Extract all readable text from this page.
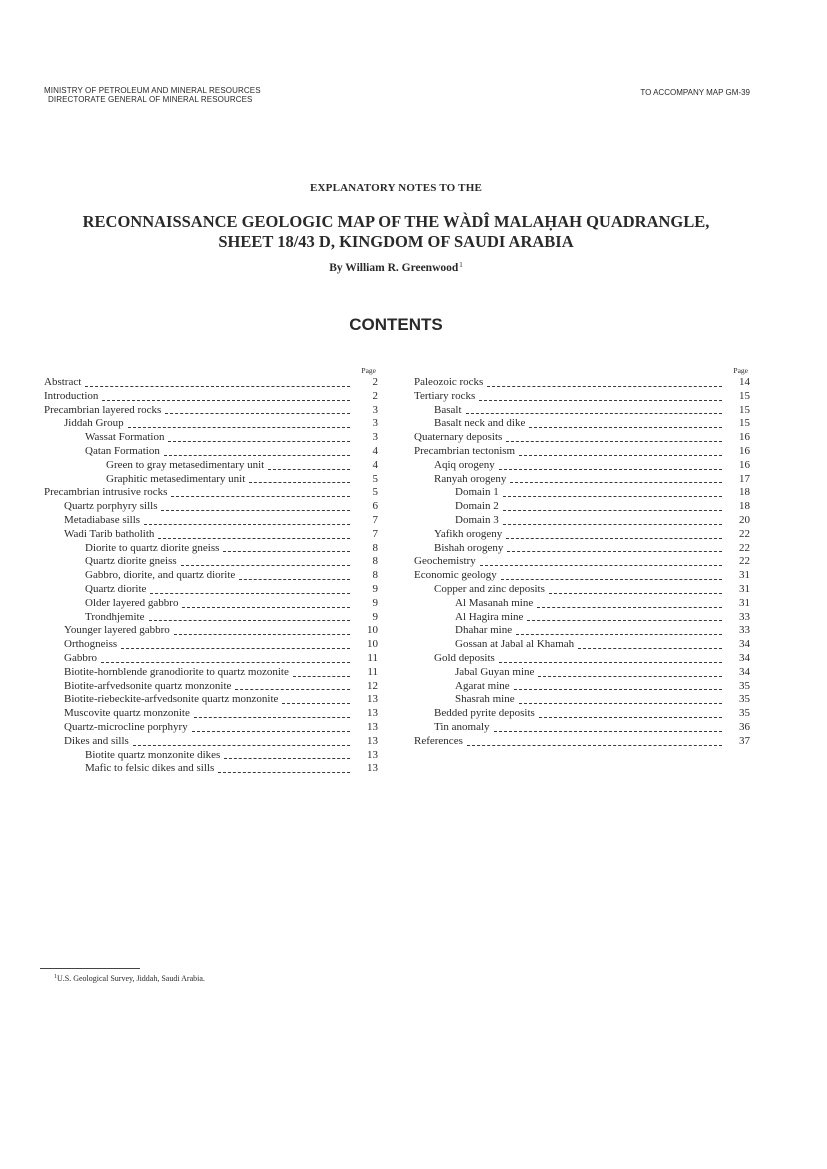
MINISTRY OF PETROLEUM AND MINERAL RESOURCES
DIRECTORATE GENERAL OF MINERAL RESOURCES
TO ACCOMPANY MAP GM-39
EXPLANATORY NOTES TO THE
RECONNAISSANCE GEOLOGIC MAP OF THE WÀDÎ MALAḤAH QUADRANGLE,
SHEET 18/43 D, KINGDOM OF SAUDI ARABIA
By William R. Greenwood$^1$
CONTENTS
Page
Abstract	2
Introduction	2
Precambrian layered rocks	3
Jiddah Group	3
Wassat Formation	3
Qatan Formation	4
Green to gray metasedimentary unit	4
Graphitic metasedimentary unit	5
Precambrian intrusive rocks	5
Quartz porphyry sills	6
Metadiabase sills	7
Wadi Tarib batholith	7
Diorite to quartz diorite gneiss	8
Quartz diorite gneiss	8
Gabbro, diorite, and quartz diorite	8
Quartz diorite	9
Older layered gabbro	9
Trondhjemite	9
Younger layered gabbro	10
Orthogneiss	10
Gabbro	11
Biotite-hornblende granodiorite to quartz mozonite	11
Biotite-arfvedsonite quartz monzonite	12
Biotite-riebeckite-arfvedsonite quartz monzonite	13
Muscovite quartz monzonite	13
Quartz-microcline porphyry	13
Dikes and sills	13
Biotite quartz monzonite dikes	13
Mafic to felsic dikes and sills	13
Page
Paleozoic rocks	14
Tertiary rocks	15
Basalt	15
Basalt neck and dike	15
Quaternary deposits	16
Precambrian tectonism	16
Aqiq orogeny	16
Ranyah orogeny	17
Domain 1	18
Domain 2	18
Domain 3	20
Yafikh orogeny	22
Bishah orogeny	22
Geochemistry	22
Economic geology	31
Copper and zinc deposits	31
Al Masanah mine	31
Al Hagira mine	33
Dhahar mine	33
Gossan at Jabal al Khamah	34
Gold deposits	34
Jabal Guyan mine	34
Agarat mine	35
Shasrah mine	35
Bedded pyrite deposits	35
Tin anomaly	36
References	37
$^1$U.S. Geological Survey, Jiddah, Saudi Arabia.
